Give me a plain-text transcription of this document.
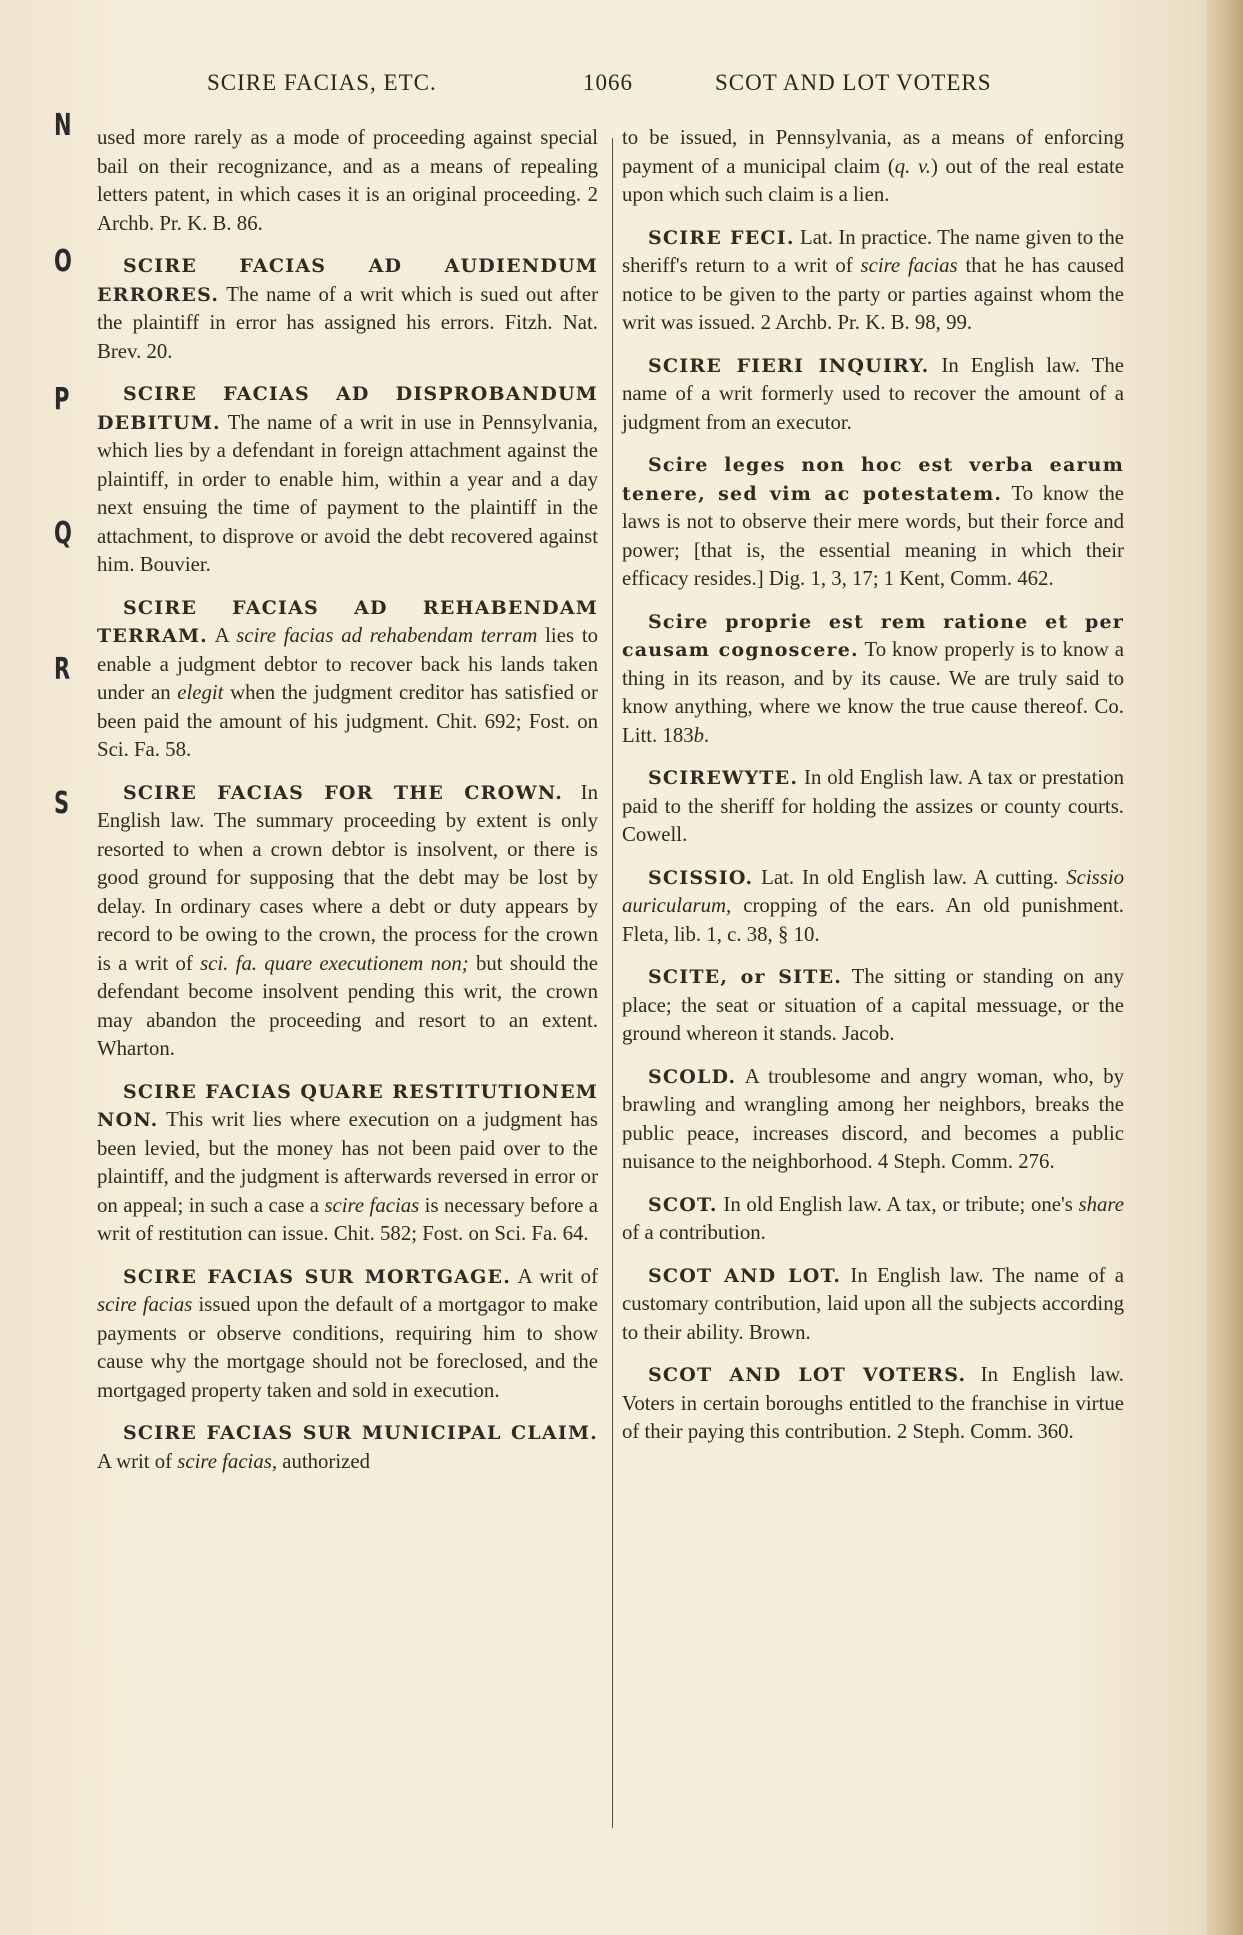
SCIRE FACIAS, ETC.	1066	SCOT AND LOT VOTERS
N
O
P
Q
R
S

used more rarely as a mode of proceeding against special bail on their recognizance, and as a means of repealing letters patent, in which cases it is an original proceeding. 2 Archb. Pr. K. B. 86.

SCIRE FACIAS AD AUDIENDUM ERRORES. The name of a writ which is sued out after the plaintiff in error has assigned his errors. Fitzh. Nat. Brev. 20.

SCIRE FACIAS AD DISPROBANDUM DEBITUM. The name of a writ in use in Pennsylvania, which lies by a defendant in foreign attachment against the plaintiff, in order to enable him, within a year and a day next ensuing the time of payment to the plaintiff in the attachment, to disprove or avoid the debt recovered against him. Bouvier.

SCIRE FACIAS AD REHABENDAM TERRAM. A scire facias ad rehabendam terram lies to enable a judgment debtor to recover back his lands taken under an elegit when the judgment creditor has satisfied or been paid the amount of his judgment. Chit. 692; Fost. on Sci. Fa. 58.

SCIRE FACIAS FOR THE CROWN. In English law. The summary proceeding by extent is only resorted to when a crown debtor is insolvent, or there is good ground for supposing that the debt may be lost by delay. In ordinary cases where a debt or duty appears by record to be owing to the crown, the process for the crown is a writ of sci. fa. quare executionem non; but should the defendant become insolvent pending this writ, the crown may abandon the proceeding and resort to an extent. Wharton.

SCIRE FACIAS QUARE RESTITUTIONEM NON. This writ lies where execution on a judgment has been levied, but the money has not been paid over to the plaintiff, and the judgment is afterwards reversed in error or on appeal; in such a case a scire facias is necessary before a writ of restitution can issue. Chit. 582; Fost. on Sci. Fa. 64.

SCIRE FACIAS SUR MORTGAGE. A writ of scire facias issued upon the default of a mortgagor to make payments or observe conditions, requiring him to show cause why the mortgage should not be foreclosed, and the mortgaged property taken and sold in execution.

SCIRE FACIAS SUR MUNICIPAL CLAIM. A writ of scire facias, authorized

to be issued, in Pennsylvania, as a means of enforcing payment of a municipal claim (q. v.) out of the real estate upon which such claim is a lien.

SCIRE FECI. Lat. In practice. The name given to the sheriff's return to a writ of scire facias that he has caused notice to be given to the party or parties against whom the writ was issued. 2 Archb. Pr. K. B. 98, 99.

SCIRE FIERI INQUIRY. In English law. The name of a writ formerly used to recover the amount of a judgment from an executor.

Scire leges non hoc est verba earum tenere, sed vim ac potestatem. To know the laws is not to observe their mere words, but their force and power; [that is, the essential meaning in which their efficacy resides.] Dig. 1, 3, 17; 1 Kent, Comm. 462.

Scire proprie est rem ratione et per causam cognoscere. To know properly is to know a thing in its reason, and by its cause. We are truly said to know anything, where we know the true cause thereof. Co. Litt. 183b.

SCIREWYTE. In old English law. A tax or prestation paid to the sheriff for holding the assizes or county courts. Cowell.

SCISSIO. Lat. In old English law. A cutting. Scissio auricularum, cropping of the ears. An old punishment. Fleta, lib. 1, c. 38, § 10.

SCITE, or SITE. The sitting or standing on any place; the seat or situation of a capital messuage, or the ground whereon it stands. Jacob.

SCOLD. A troublesome and angry woman, who, by brawling and wrangling among her neighbors, breaks the public peace, increases discord, and becomes a public nuisance to the neighborhood. 4 Steph. Comm. 276.

SCOT. In old English law. A tax, or tribute; one's share of a contribution.

SCOT AND LOT. In English law. The name of a customary contribution, laid upon all the subjects according to their ability. Brown.

SCOT AND LOT VOTERS. In English law. Voters in certain boroughs entitled to the franchise in virtue of their paying this contribution. 2 Steph. Comm. 360.
